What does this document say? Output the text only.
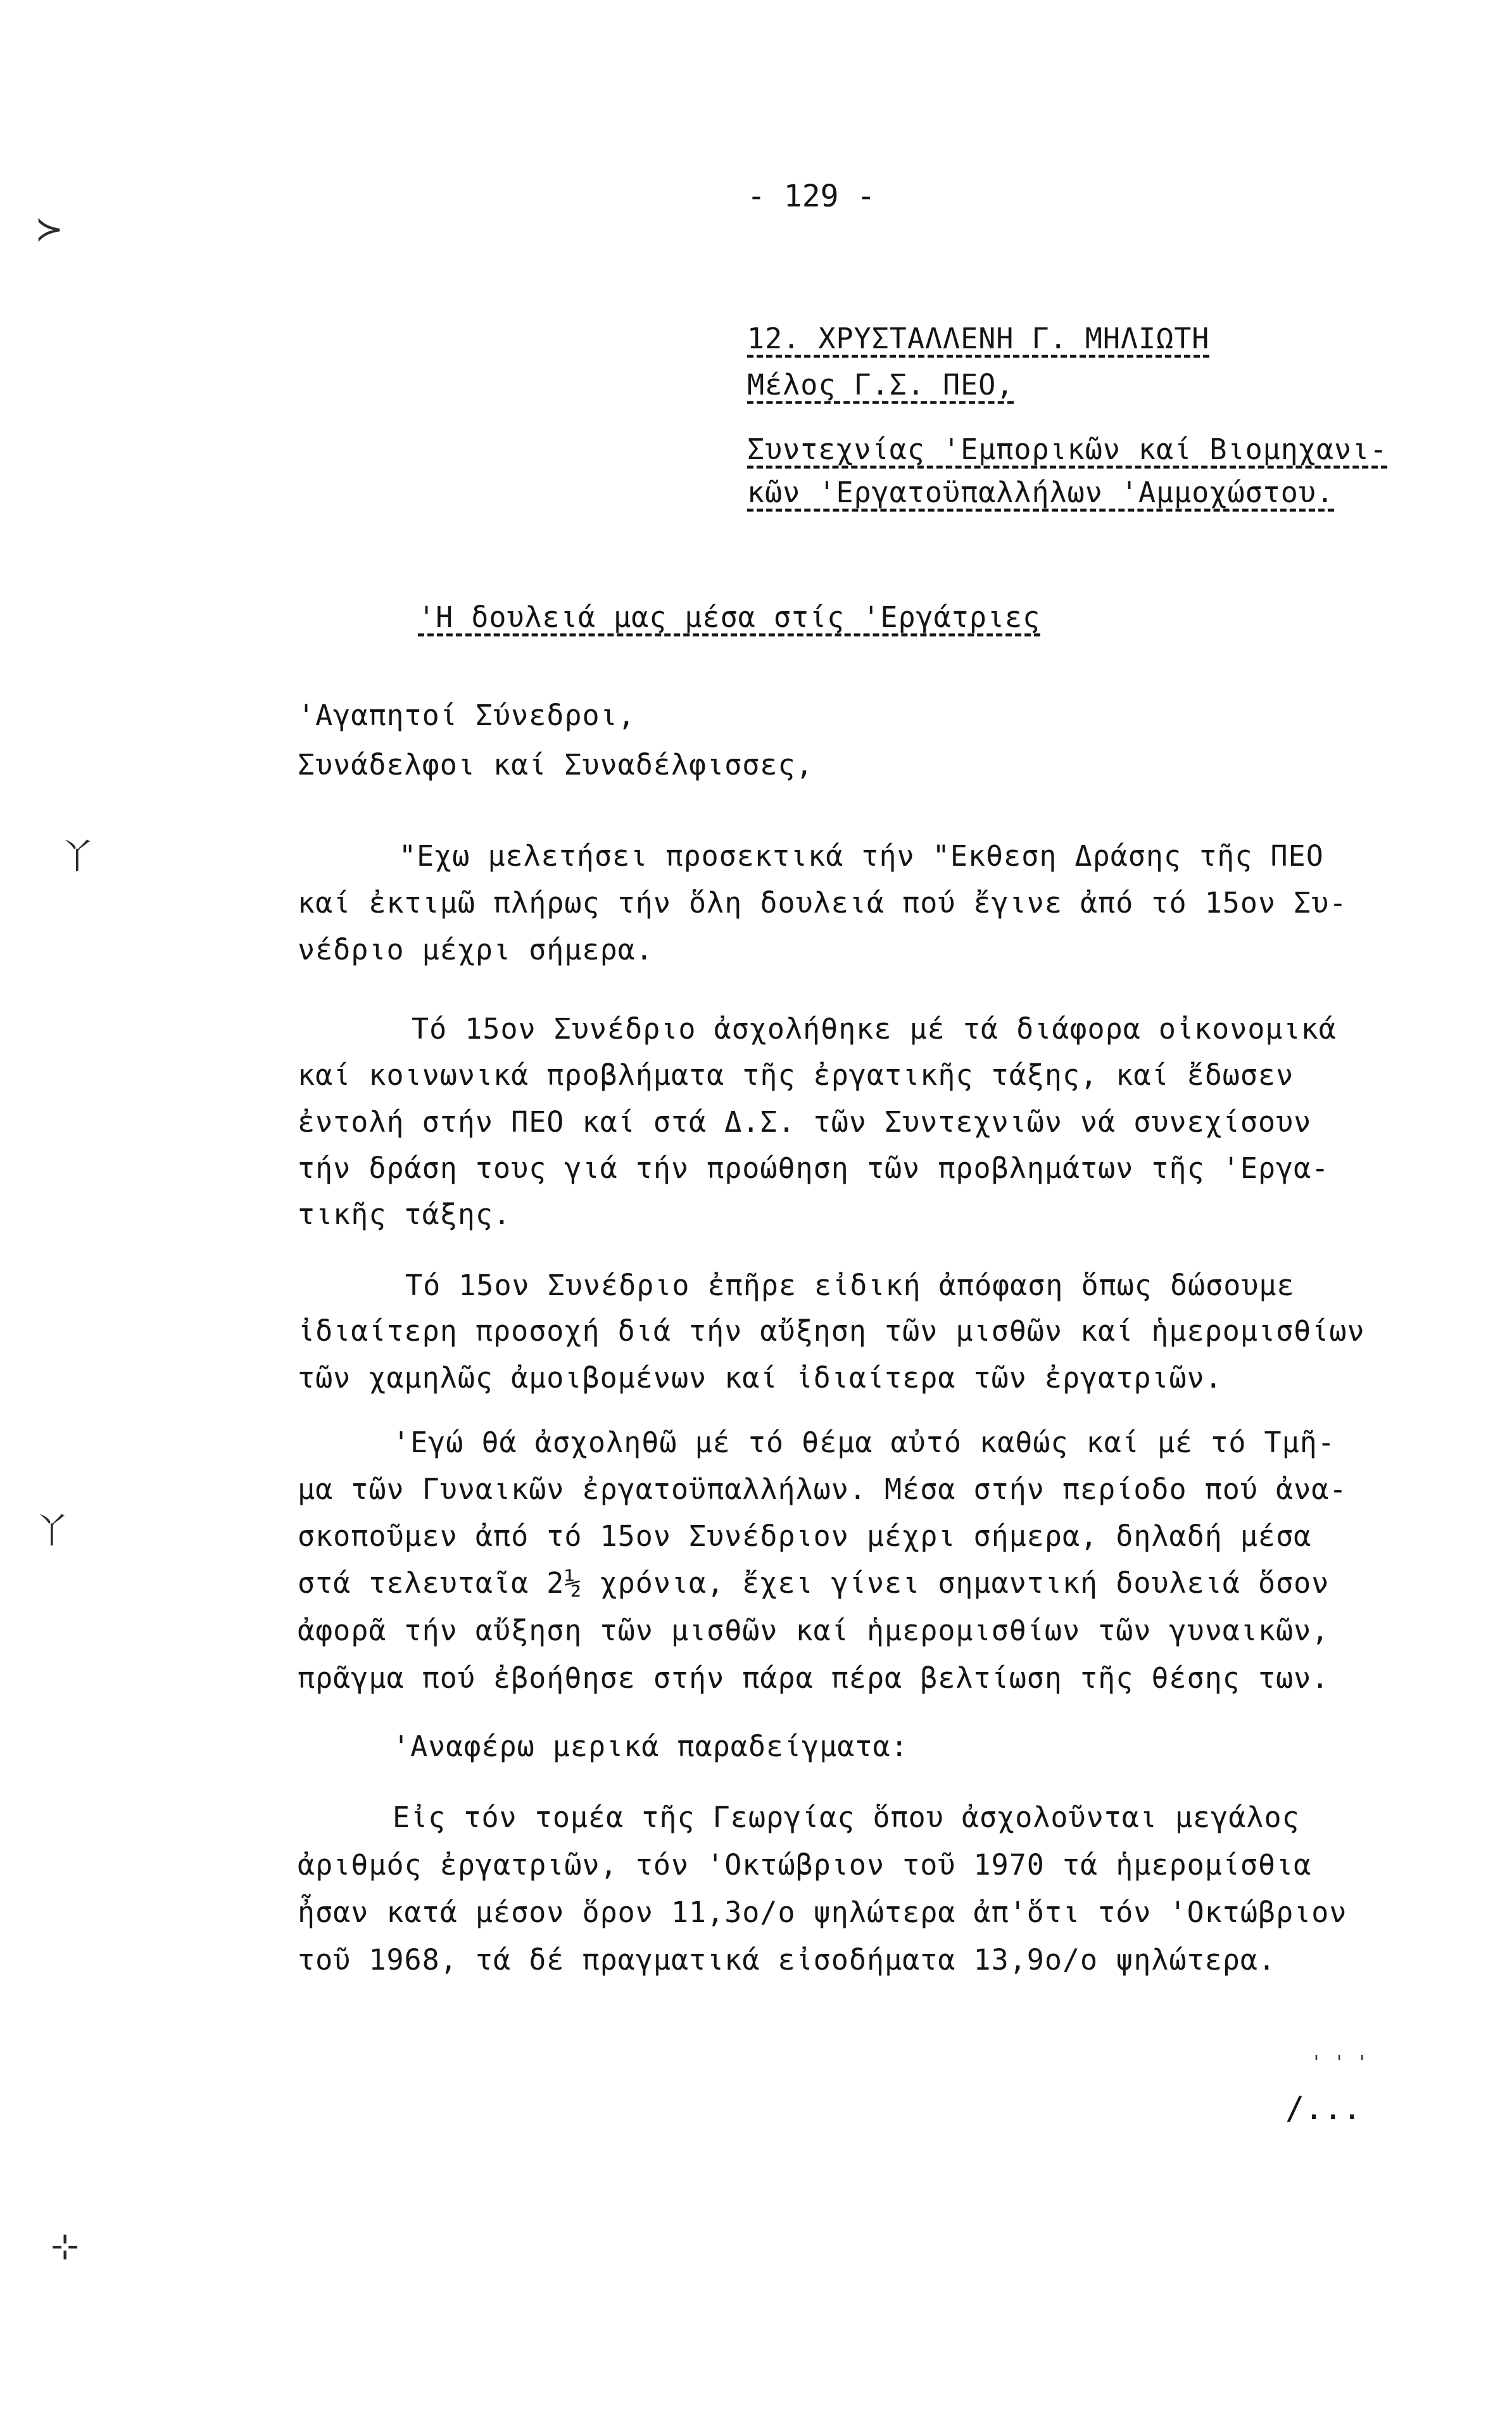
≻
丫
丫
⊹
- 129 -
12. ΧΡΥΣΤΑΛΛΕΝΗ Γ. ΜΗΛΙΩΤΗ
Μέλος Γ.Σ. ΠΕΟ,
Συντεχνίας 'Εμπορικῶν καί Βιομηχανι-
κῶν 'Εργατοϋπαλλήλων 'Αμμοχώστου.
'Η δουλειά μας μέσα στίς 'Εργάτριες
'Αγαπητοί Σύνεδροι,
Συνάδελφοι καί Συναδέλφισσες,
"Εχω μελετήσει προσεκτικά τήν "Εκθεση Δράσης τῆς ΠΕΟ
καί ἐκτιμῶ πλήρως τήν ὅλη δουλειά πού ἔγινε ἀπό τό 15ον Συ-
νέδριο μέχρι σήμερα.
Τό 15ον Συνέδριο ἀσχολήθηκε μέ τά διάφορα οἰκονομικά
καί κοινωνικά προβλήματα τῆς ἐργατικῆς τάξης, καί ἔδωσεν
ἐντολή στήν ΠΕΟ καί στά Δ.Σ. τῶν Συντεχνιῶν νά συνεχίσουν
τήν δράση τους γιά τήν προώθηση τῶν προβλημάτων τῆς 'Εργα-
τικῆς τάξης.
Τό 15ον Συνέδριο ἐπῆρε εἰδική ἀπόφαση ὅπως δώσουμε
ἰδιαίτερη προσοχή διά τήν αὔξηση τῶν μισθῶν καί ἡμερομισθίων
τῶν χαμηλῶς ἀμοιβομένων καί ἰδιαίτερα τῶν ἐργατριῶν.
'Εγώ θά ἀσχοληθῶ μέ τό θέμα αὐτό καθώς καί μέ τό Τμῆ-
μα τῶν Γυναικῶν ἐργατοϋπαλλήλων. Μέσα στήν περίοδο πού ἀνα-
σκοποῦμεν ἀπό τό 15ον Συνέδριον μέχρι σήμερα, δηλαδή μέσα
στά τελευταῖα 2½ χρόνια, ἔχει γίνει σημαντική δουλειά ὅσον
ἀφορᾶ τήν αὔξηση τῶν μισθῶν καί ἡμερομισθίων τῶν γυναικῶν,
πρᾶγμα πού ἐβοήθησε στήν πάρα πέρα βελτίωση τῆς θέσης των.
'Αναφέρω μερικά παραδείγματα:
Εἰς τόν τομέα τῆς Γεωργίας ὅπου ἀσχολοῦνται μεγάλος
ἀριθμός ἐργατριῶν, τόν 'Οκτώβριον τοῦ 1970 τά ἡμερομίσθια
ἦσαν κατά μέσον ὅρον 11,3ο/ο ψηλώτερα ἀπ'ὅτι τόν 'Οκτώβριον
τοῦ 1968, τά δέ πραγματικά εἰσοδήματα 13,9ο/ο ψηλώτερα.
' ' '
/...
